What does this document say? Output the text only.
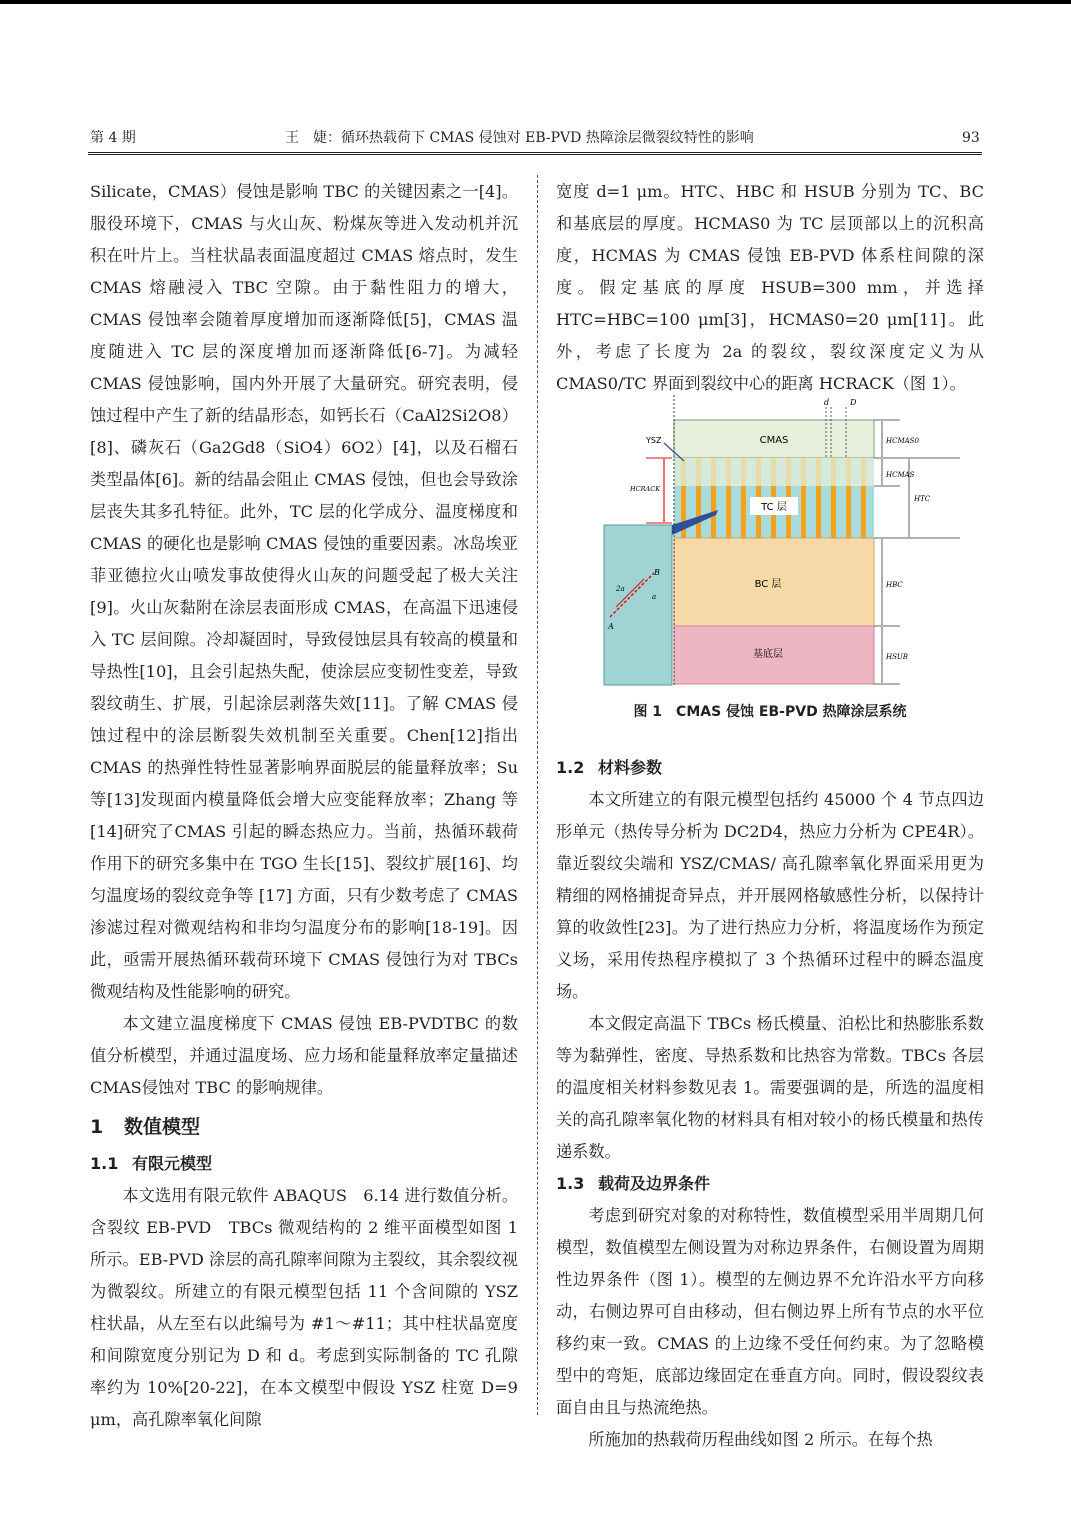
第 4 期	王　婕：循环热载荷下 CMAS 侵蚀对 EB-PVD 热障涂层微裂纹特性的影响	93

Silicate，CMAS）侵蚀是影响 TBC 的关键因素之一[4]。服役环境下，CMAS 与火山灰、粉煤灰等进入发动机并沉积在叶片上。当柱状晶表面温度超过 CMAS 熔点时，发生 CMAS 熔融浸入 TBC 空隙。由于黏性阻力的增大，CMAS 侵蚀率会随着厚度增加而逐渐降低[5]，CMAS 温度随进入 TC 层的深度增加而逐渐降低[6-7]。为减轻 CMAS 侵蚀影响，国内外开展了大量研究。研究表明，侵蚀过程中产生了新的结晶形态，如钙长石（CaAl2Si2O8）[8]、磷灰石（Ga2Gd8（SiO4）6O2）[4]，以及石榴石类型晶体[6]。新的结晶会阻止 CMAS 侵蚀，但也会导致涂层丧失其多孔特征。此外，TC 层的化学成分、温度梯度和 CMAS 的硬化也是影响 CMAS 侵蚀的重要因素。冰岛埃亚菲亚德拉火山喷发事故使得火山灰的问题受起了极大关注[9]。火山灰黏附在涂层表面形成 CMAS，在高温下迅速侵入 TC 层间隙。冷却凝固时，导致侵蚀层具有较高的模量和导热性[10]，且会引起热失配，使涂层应变韧性变差，导致裂纹萌生、扩展，引起涂层剥落失效[11]。了解 CMAS 侵蚀过程中的涂层断裂失效机制至关重要。Chen[12]指出 CMAS 的热弹性特性显著影响界面脱层的能量释放率；Su 等[13]发现面内模量降低会增大应变能释放率；Zhang 等[14]研究了CMAS 引起的瞬态热应力。当前，热循环载荷作用下的研究多集中在 TGO 生长[15]、裂纹扩展[16]、均匀温度场的裂纹竞争等 [17] 方面，只有少数考虑了 CMAS 渗滤过程对微观结构和非均匀温度分布的影响[18-19]。因此，亟需开展热循环载荷环境下 CMAS 侵蚀行为对 TBCs 微观结构及性能影响的研究。

本文建立温度梯度下 CMAS 侵蚀 EB-PVDTBC 的数值分析模型，并通过温度场、应力场和能量释放率定量描述 CMAS侵蚀对 TBC 的影响规律。

1 数值模型
1.1 有限元模型

本文选用有限元软件 ABAQUS　6.14 进行数值分析。含裂纹 EB-PVD　TBCs 微观结构的 2 维平面模型如图 1 所示。EB-PVD 涂层的高孔隙率间隙为主裂纹，其余裂纹视为微裂纹。所建立的有限元模型包括 11 个含间隙的 YSZ 柱状晶，从左至右以此编号为 #1～#11；其中柱状晶宽度和间隙宽度分别记为 D 和 d。考虑到实际制备的 TC 孔隙率约为 10%[20-22]，在本文模型中假设 YSZ 柱宽 D=9 μm，高孔隙率氧化间隙

宽度 d=1 μm。HTC、HBC 和 HSUB 分别为 TC、BC 和基底层的厚度。HCMAS0 为 TC 层顶部以上的沉积高度，HCMAS 为 CMAS 侵蚀 EB-PVD 体系柱间隙的深度。假定基底的厚度 HSUB=300 mm，并选择 HTC=HBC=100 μm[3]，HCMAS0=20 μm[11]。此外，考虑了长度为 2a 的裂纹，裂纹深度定义为从 CMAS0/TC 界面到裂纹中心的距离 HCRACK（图 1）。

d	D
HCMAS0
HCMAS
HTC
HBC
HSUB
HCRACK
YSZ	CMAS
TC 层
BC 层
基底层
A
B
2a
a
图 1　CMAS 侵蚀 EB-PVD 热障涂层系统
1.2 材料参数

本文所建立的有限元模型包括约 45000 个 4 节点四边形单元（热传导分析为 DC2D4，热应力分析为 CPE4R）。靠近裂纹尖端和 YSZ/CMAS/ 高孔隙率氧化界面采用更为精细的网格捕捉奇异点，并开展网格敏感性分析，以保持计算的收敛性[23]。为了进行热应力分析，将温度场作为预定义场，采用传热程序模拟了 3 个热循环过程中的瞬态温度场。

本文假定高温下 TBCs 杨氏模量、泊松比和热膨胀系数等为黏弹性，密度、导热系数和比热容为常数。TBCs 各层的温度相关材料参数见表 1。需要强调的是，所选的温度相关的高孔隙率氧化物的材料具有相对较小的杨氏模量和热传递系数。

1.3 载荷及边界条件

考虑到研究对象的对称特性，数值模型采用半周期几何模型，数值模型左侧设置为对称边界条件，右侧设置为周期性边界条件（图 1）。模型的左侧边界不允许沿水平方向移动，右侧边界可自由移动，但右侧边界上所有节点的水平位移约束一致。CMAS 的上边缘不受任何约束。为了忽略模型中的弯矩，底部边缘固定在垂直方向。同时，假设裂纹表面自由且与热流绝热。

所施加的热载荷历程曲线如图 2 所示。在每个热
